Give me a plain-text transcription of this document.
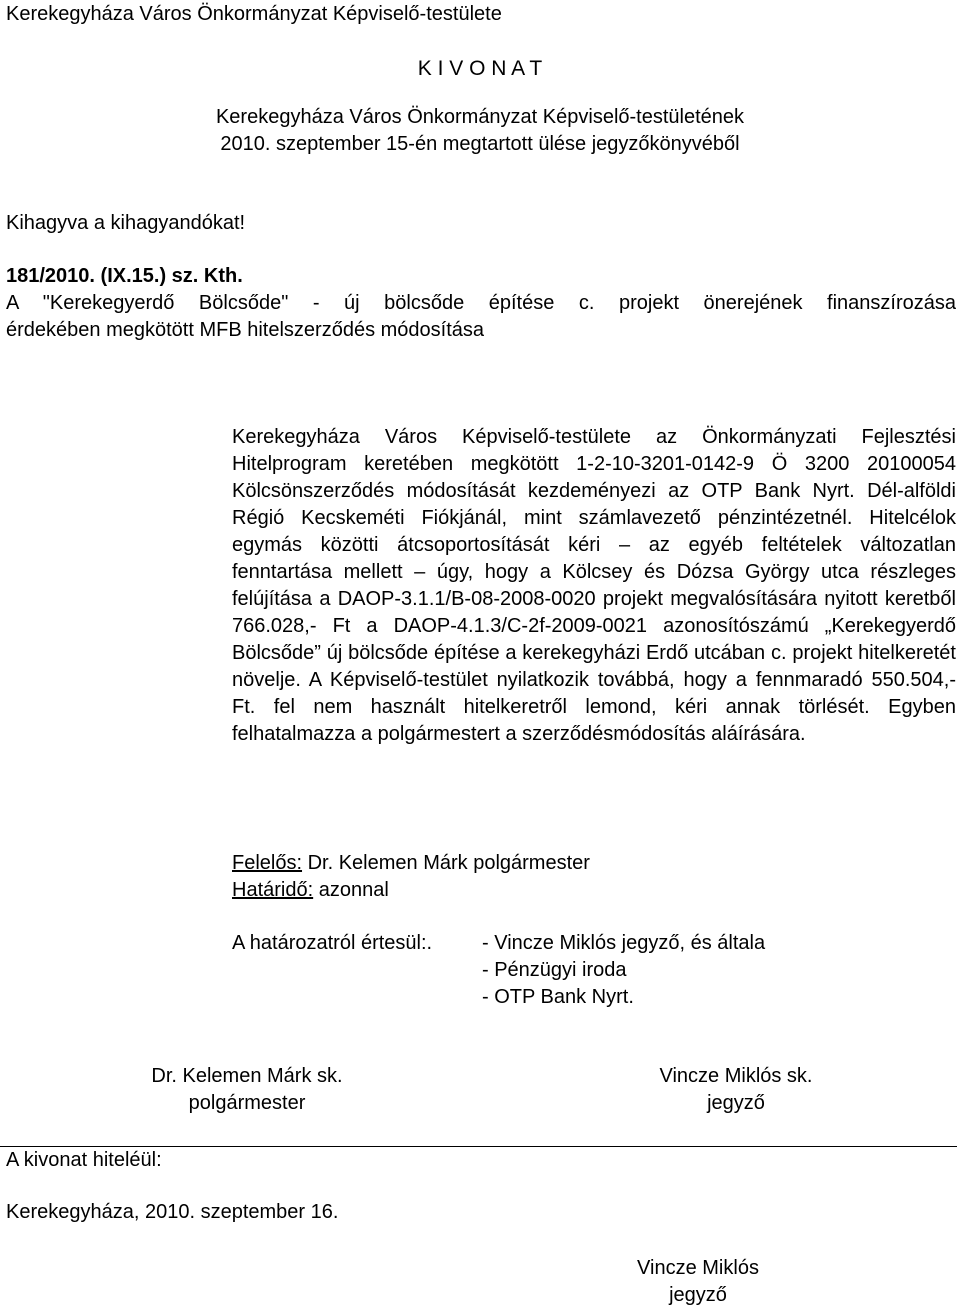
Kerekegyháza Város Önkormányzat Képviselő-testülete
K I V O N A T
Kerekegyháza Város Önkormányzat Képviselő-testületének
2010. szeptember 15-én megtartott ülése jegyzőkönyvéből
Kihagyva a kihagyandókat!
181/2010. (IX.15.) sz. Kth.
A "Kerekegyerdő Bölcsőde" - új bölcsőde építése c. projekt önerejének finanszírozása
érdekében megkötött MFB hitelszerződés módosítása

Kerekegyháza Város Képviselő-testülete az Önkormányzati Fejlesztési Hitelprogram keretében megkötött 1-2-10-3201-0142-9 Ö 3200 20100054 Kölcsönszerződés módosítását kezdeményezi az OTP Bank Nyrt. Dél-alföldi Régió Kecskeméti Fiókjánál, mint számlavezető pénzintézetnél. Hitelcélok egymás közötti átcsoportosítását kéri – az egyéb feltételek változatlan fenntartása mellett – úgy, hogy a Kölcsey és Dózsa György utca részleges felújítása a DAOP-3.1.1/B-08-2008-0020 projekt megvalósítására nyitott keretből 766.028,- Ft a DAOP-4.1.3/C-2f-2009-0021 azonosítószámú „Kerekegyerdő Bölcsőde” új bölcsőde építése a kerekegyházi Erdő utcában c. projekt hitelkeretét növelje. A Képviselő-testület nyilatkozik továbbá, hogy a fennmaradó 550.504,- Ft. fel nem használt hitelkeretről lemond, kéri annak törlését. Egyben felhatalmazza a polgármestert a szerződésmódosítás aláírására.

Felelős: Dr. Kelemen Márk polgármester
Határidő: azonnal
A határozatról értesül:. - Vincze Miklós jegyző, és általa
- Pénzügyi iroda
- OTP Bank Nyrt.
Dr. Kelemen Márk sk.
polgármester
Vincze Miklós sk.
jegyző
A kivonat hiteléül:
Kerekegyháza, 2010. szeptember 16.
Vincze Miklós
jegyző
